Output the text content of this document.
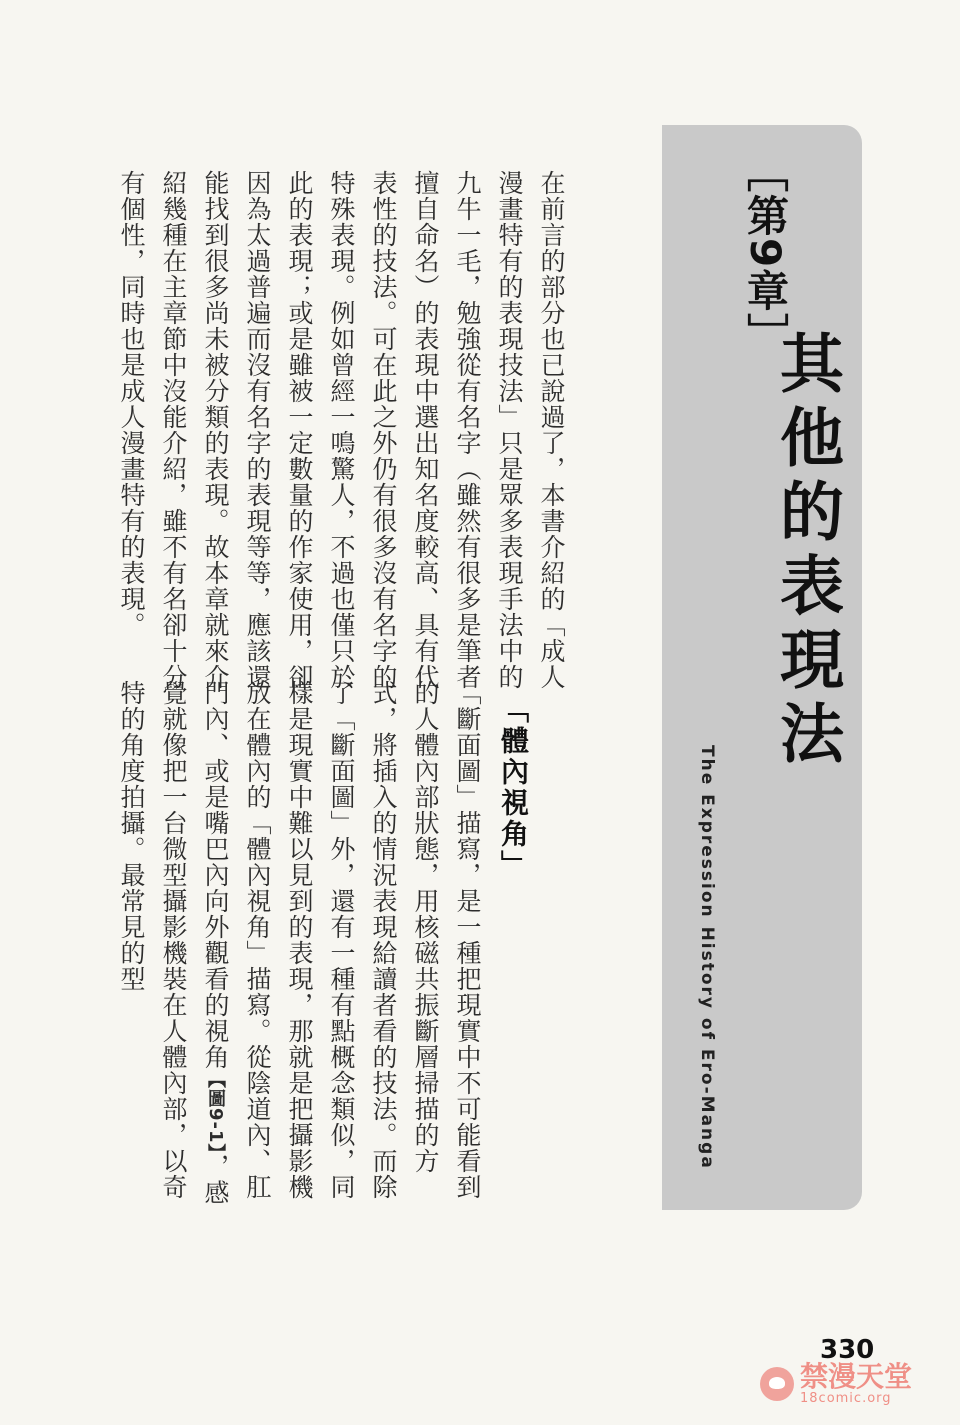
［第9章］
其他的表現法
The Expression History of Ero-Manga
在前言的部分也已說過了，本書介紹的「成人漫畫特有的表現技法」只是眾多表現手法中的九牛一毛，勉強從有名字（雖然有很多是筆者擅自命名）的表現中選出知名度較高、具有代表性的技法。可在此之外仍有很多沒有名字的特殊表現。例如曾經一鳴驚人，不過也僅只於此的表現；或是雖被一定數量的作家使用，卻因為太過普遍而沒有名字的表現等等，應該還能找到很多尚未被分類的表現。故本章就來介紹幾種在主章節中沒能介紹，雖不有名卻十分有個性，同時也是成人漫畫特有的表現。
「體內視角」
「斷面圖」描寫，是一種把現實中不可能看到的人體內部狀態，用核磁共振斷層掃描的方式，將插入的情況表現給讀者看的技法。而除了「斷面圖」外，還有一種有點概念類似，同樣是現實中難以見到的表現，那就是把攝影機放在體內的「體內視角」描寫。從陰道內、肛門內、或是嘴巴內向外觀看的視角【圖9-1】，感覺就像把一台微型攝影機裝在人體內部，以奇特的角度拍攝。最常見的型
330
禁漫天堂
18comic.org
